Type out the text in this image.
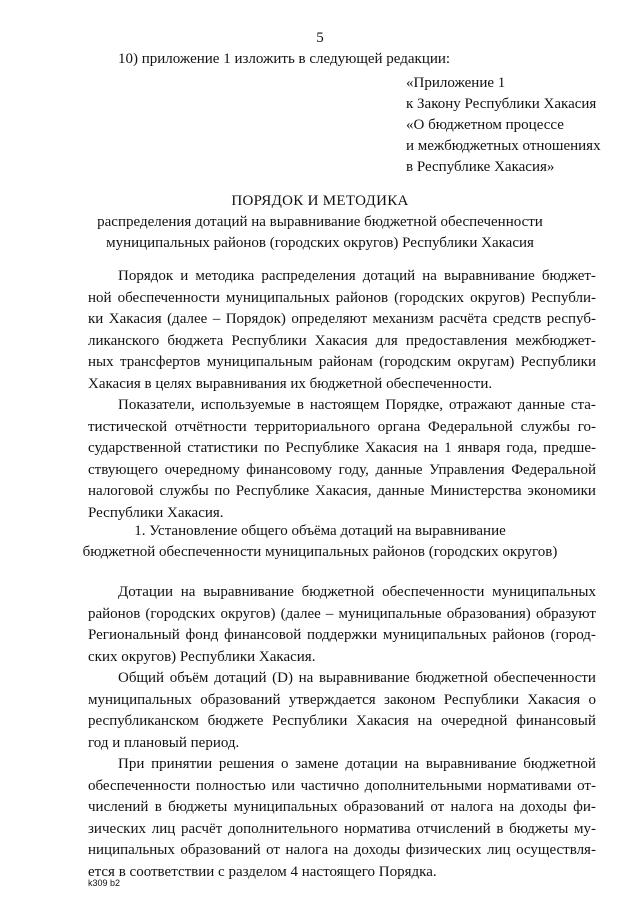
5
10) приложение 1 изложить в следующей редакции:
«Приложение 1
к Закону Республики Хакасия
«О бюджетном процессе
и межбюджетных отношениях
в Республике Хакасия»
ПОРЯДОК И МЕТОДИКА
распределения дотаций на выравнивание бюджетной обеспеченности
муниципальных районов (городских округов) Республики Хакасия
Порядок и методика распределения дотаций на выравнивание бюджет-
ной обеспеченности муниципальных районов (городских округов) Республи-
ки Хакасия (далее – Порядок) определяют механизм расчёта средств респуб-
ликанского бюджета Республики Хакасия для предоставления межбюджет-
ных трансфертов муниципальным районам (городским округам) Республики
Хакасия в целях выравнивания их бюджетной обеспеченности.
Показатели, используемые в настоящем Порядке, отражают данные ста-
тистической отчётности территориального органа Федеральной службы го-
сударственной статистики по Республике Хакасия на 1 января года, предше-
ствующего очередному финансовому году, данные Управления Федеральной
налоговой службы по Республике Хакасия, данные Министерства экономики
Республики Хакасия.
1. Установление общего объёма дотаций на выравнивание
бюджетной обеспеченности муниципальных районов (городских округов)
Дотации на выравнивание бюджетной обеспеченности муниципальных
районов (городских округов) (далее – муниципальные образования) образуют
Региональный фонд финансовой поддержки муниципальных районов (город-
ских округов) Республики Хакасия.
Общий объём дотаций (D) на выравнивание бюджетной обеспеченности
муниципальных образований утверждается законом Республики Хакасия о
республиканском бюджете Республики Хакасия на очередной финансовый
год и плановый период.
При принятии решения о замене дотации на выравнивание бюджетной
обеспеченности полностью или частично дополнительными нормативами от-
числений в бюджеты муниципальных образований от налога на доходы фи-
зических лиц расчёт дополнительного норматива отчислений в бюджеты му-
ниципальных образований от налога на доходы физических лиц осуществля-
ется в соответствии с разделом 4 настоящего Порядка.
k309 b2
